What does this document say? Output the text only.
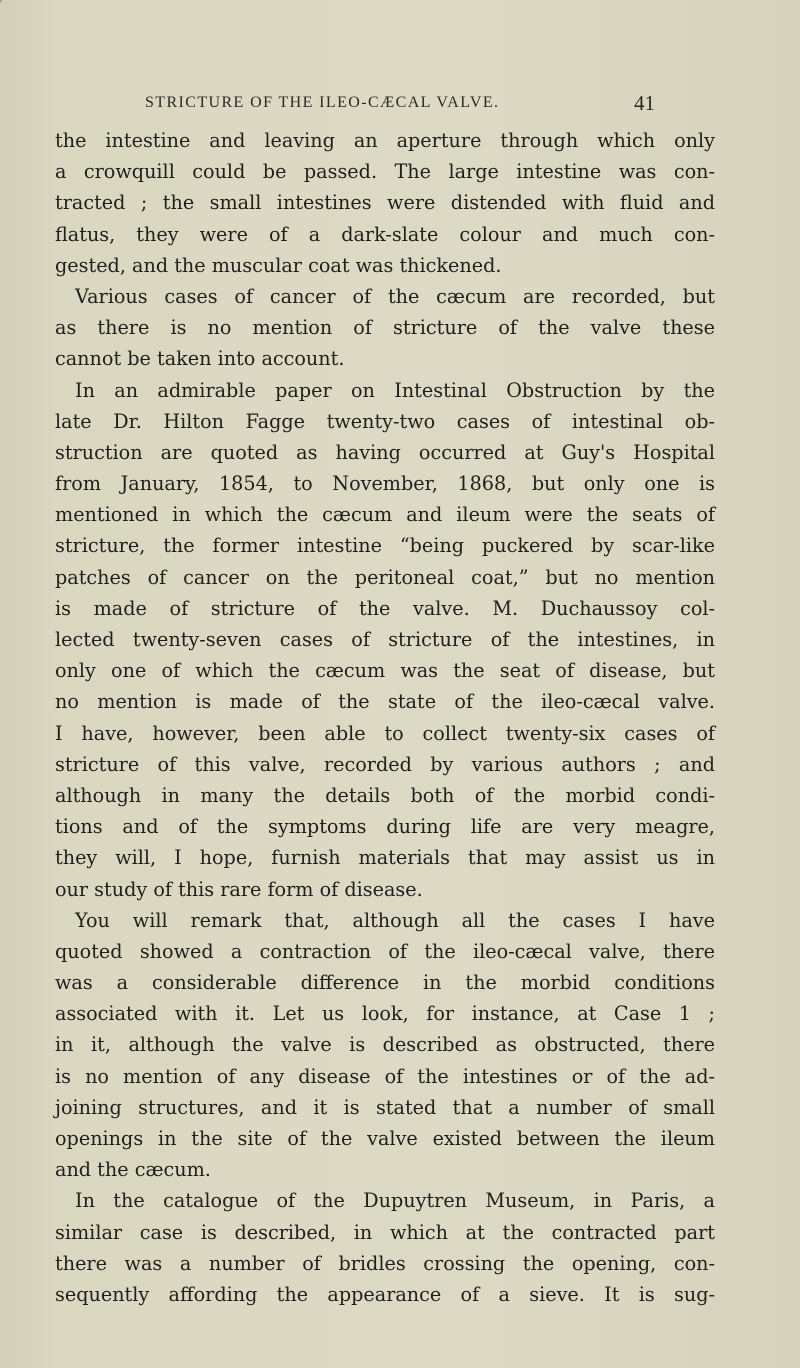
STRICTURE OF THE ILEO-CÆCAL VALVE.	41
the intestine and leaving an aperture through which only
a crowquill could be passed. The large intestine was con-
tracted ; the small intestines were distended with fluid and
flatus, they were of a dark-slate colour and much con-
gested, and the muscular coat was thickened.
Various cases of cancer of the cæcum are recorded, but
as there is no mention of stricture of the valve these
cannot be taken into account.
In an admirable paper on Intestinal Obstruction by the
late Dr. Hilton Fagge twenty-two cases of intestinal ob-
struction are quoted as having occurred at Guy's Hospital
from January, 1854, to November, 1868, but only one is
mentioned in which the cæcum and ileum were the seats of
stricture, the former intestine “being puckered by scar-like
patches of cancer on the peritoneal coat,” but no mention
is made of stricture of the valve. M. Duchaussoy col-
lected twenty-seven cases of stricture of the intestines, in
only one of which the cæcum was the seat of disease, but
no mention is made of the state of the ileo-cæcal valve.
I have, however, been able to collect twenty-six cases of
stricture of this valve, recorded by various authors ; and
although in many the details both of the morbid condi-
tions and of the symptoms during life are very meagre,
they will, I hope, furnish materials that may assist us in
our study of this rare form of disease.
You will remark that, although all the cases I have
quoted showed a contraction of the ileo-cæcal valve, there
was a considerable difference in the morbid conditions
associated with it. Let us look, for instance, at Case 1 ;
in it, although the valve is described as obstructed, there
is no mention of any disease of the intestines or of the ad-
joining structures, and it is stated that a number of small
openings in the site of the valve existed between the ileum
and the cæcum.
In the catalogue of the Dupuytren Museum, in Paris, a
similar case is described, in which at the contracted part
there was a number of bridles crossing the opening, con-
sequently affording the appearance of a sieve. It is sug-
